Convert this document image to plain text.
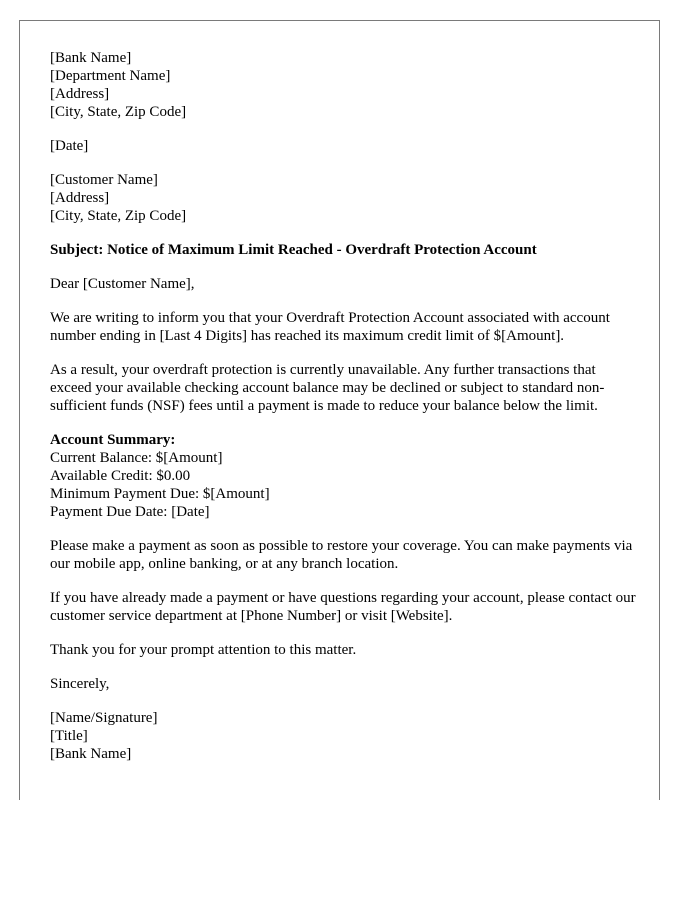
[Bank Name]
[Department Name]
[Address]
[City, State, Zip Code]
[Date]
[Customer Name]
[Address]
[City, State, Zip Code]
Subject: Notice of Maximum Limit Reached - Overdraft Protection Account
Dear [Customer Name],
We are writing to inform you that your Overdraft Protection Account associated with account number ending in [Last 4 Digits] has reached its maximum credit limit of $[Amount].
As a result, your overdraft protection is currently unavailable. Any further transactions that exceed your available checking account balance may be declined or subject to standard non-sufficient funds (NSF) fees until a payment is made to reduce your balance below the limit.
Account Summary:
Current Balance: $[Amount]
Available Credit: $0.00
Minimum Payment Due: $[Amount]
Payment Due Date: [Date]
Please make a payment as soon as possible to restore your coverage. You can make payments via our mobile app, online banking, or at any branch location.
If you have already made a payment or have questions regarding your account, please contact our customer service department at [Phone Number] or visit [Website].
Thank you for your prompt attention to this matter.
Sincerely,
[Name/Signature]
[Title]
[Bank Name]
